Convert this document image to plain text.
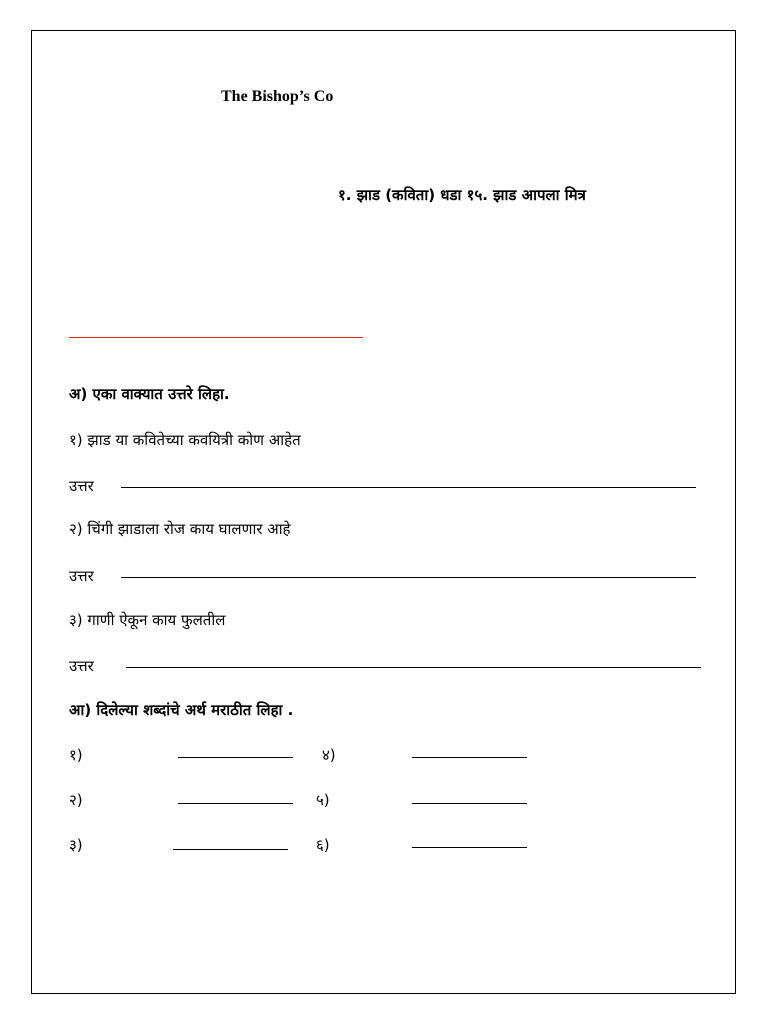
The Bishop’s Co
१. झाड (कविता) धडा १५. झाड आपला मित्र
अ) एका वाक्यात उत्तरे लिहा.
१) झाड या कवितेच्या कवयित्री कोण आहेत
उत्तर
२) चिंगी झाडाला रोज काय घालणार आहे
उत्तर
३) गाणी ऐकून काय फुलतील
उत्तर
आ) दिलेल्या शब्दांचे अर्थ मराठीत लिहा .
१)	४)
२)	५)
३)	६)
